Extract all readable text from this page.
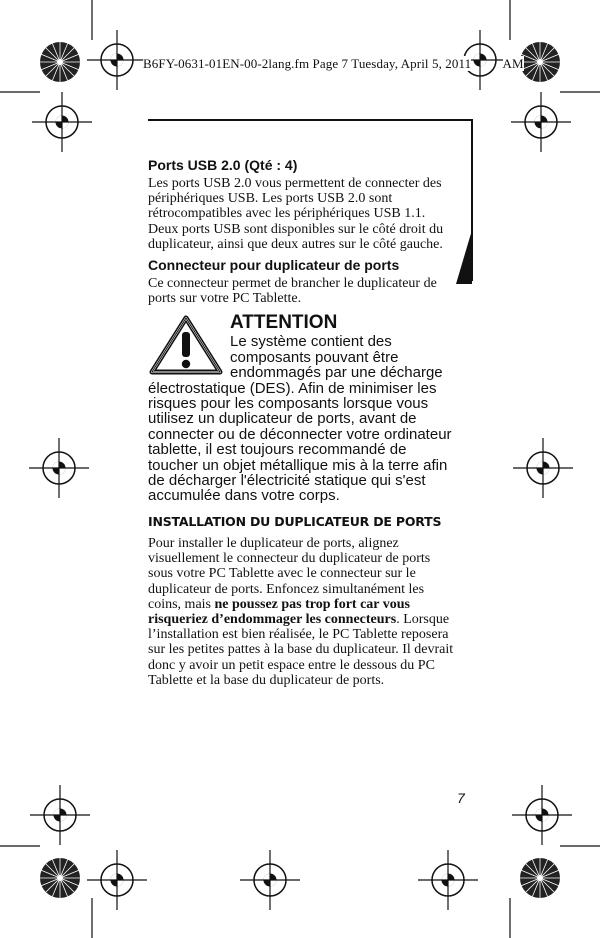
B6FY-0631-01EN-00-2lang.fm Page 7 Tuesday, April 5, 2011 AM
Ports USB 2.0 (Qté : 4)

Les ports USB 2.0 vous permettent de connecter des périphériques USB. Les ports USB 2.0 sont rétrocompatibles avec les périphériques USB 1.1. Deux ports USB sont disponibles sur le côté droit du duplicateur, ainsi que deux autres sur le côté gauche.

Connecteur pour duplicateur de ports

Ce connecteur permet de brancher le duplicateur de ports sur votre PC Tablette.

ATTENTION

Le système contient des composants pouvant être endommagés par une décharge électrostatique (DES). Afin de minimiser les risques pour les composants lorsque vous utilisez un duplicateur de ports, avant de connecter ou de déconnecter votre ordinateur tablette, il est toujours recommandé de toucher un objet métallique mis à la terre afin de décharger l'électricité statique qui s'est accumulée dans votre corps.

INSTALLATION DU DUPLICATEUR DE PORTS

Pour installer le duplicateur de ports, alignez visuellement le connecteur du duplicateur de ports sous votre PC Tablette avec le connecteur sur le duplicateur de ports. Enfoncez simultanément les coins, mais ne poussez pas trop fort car vous risqueriez d’endommager les connecteurs. Lorsque l’installation est bien réalisée, le PC Tablette reposera sur les petites pattes à la base du duplicateur. Il devrait donc y avoir un petit espace entre le dessous du PC Tablette et la base du duplicateur de ports.

7
